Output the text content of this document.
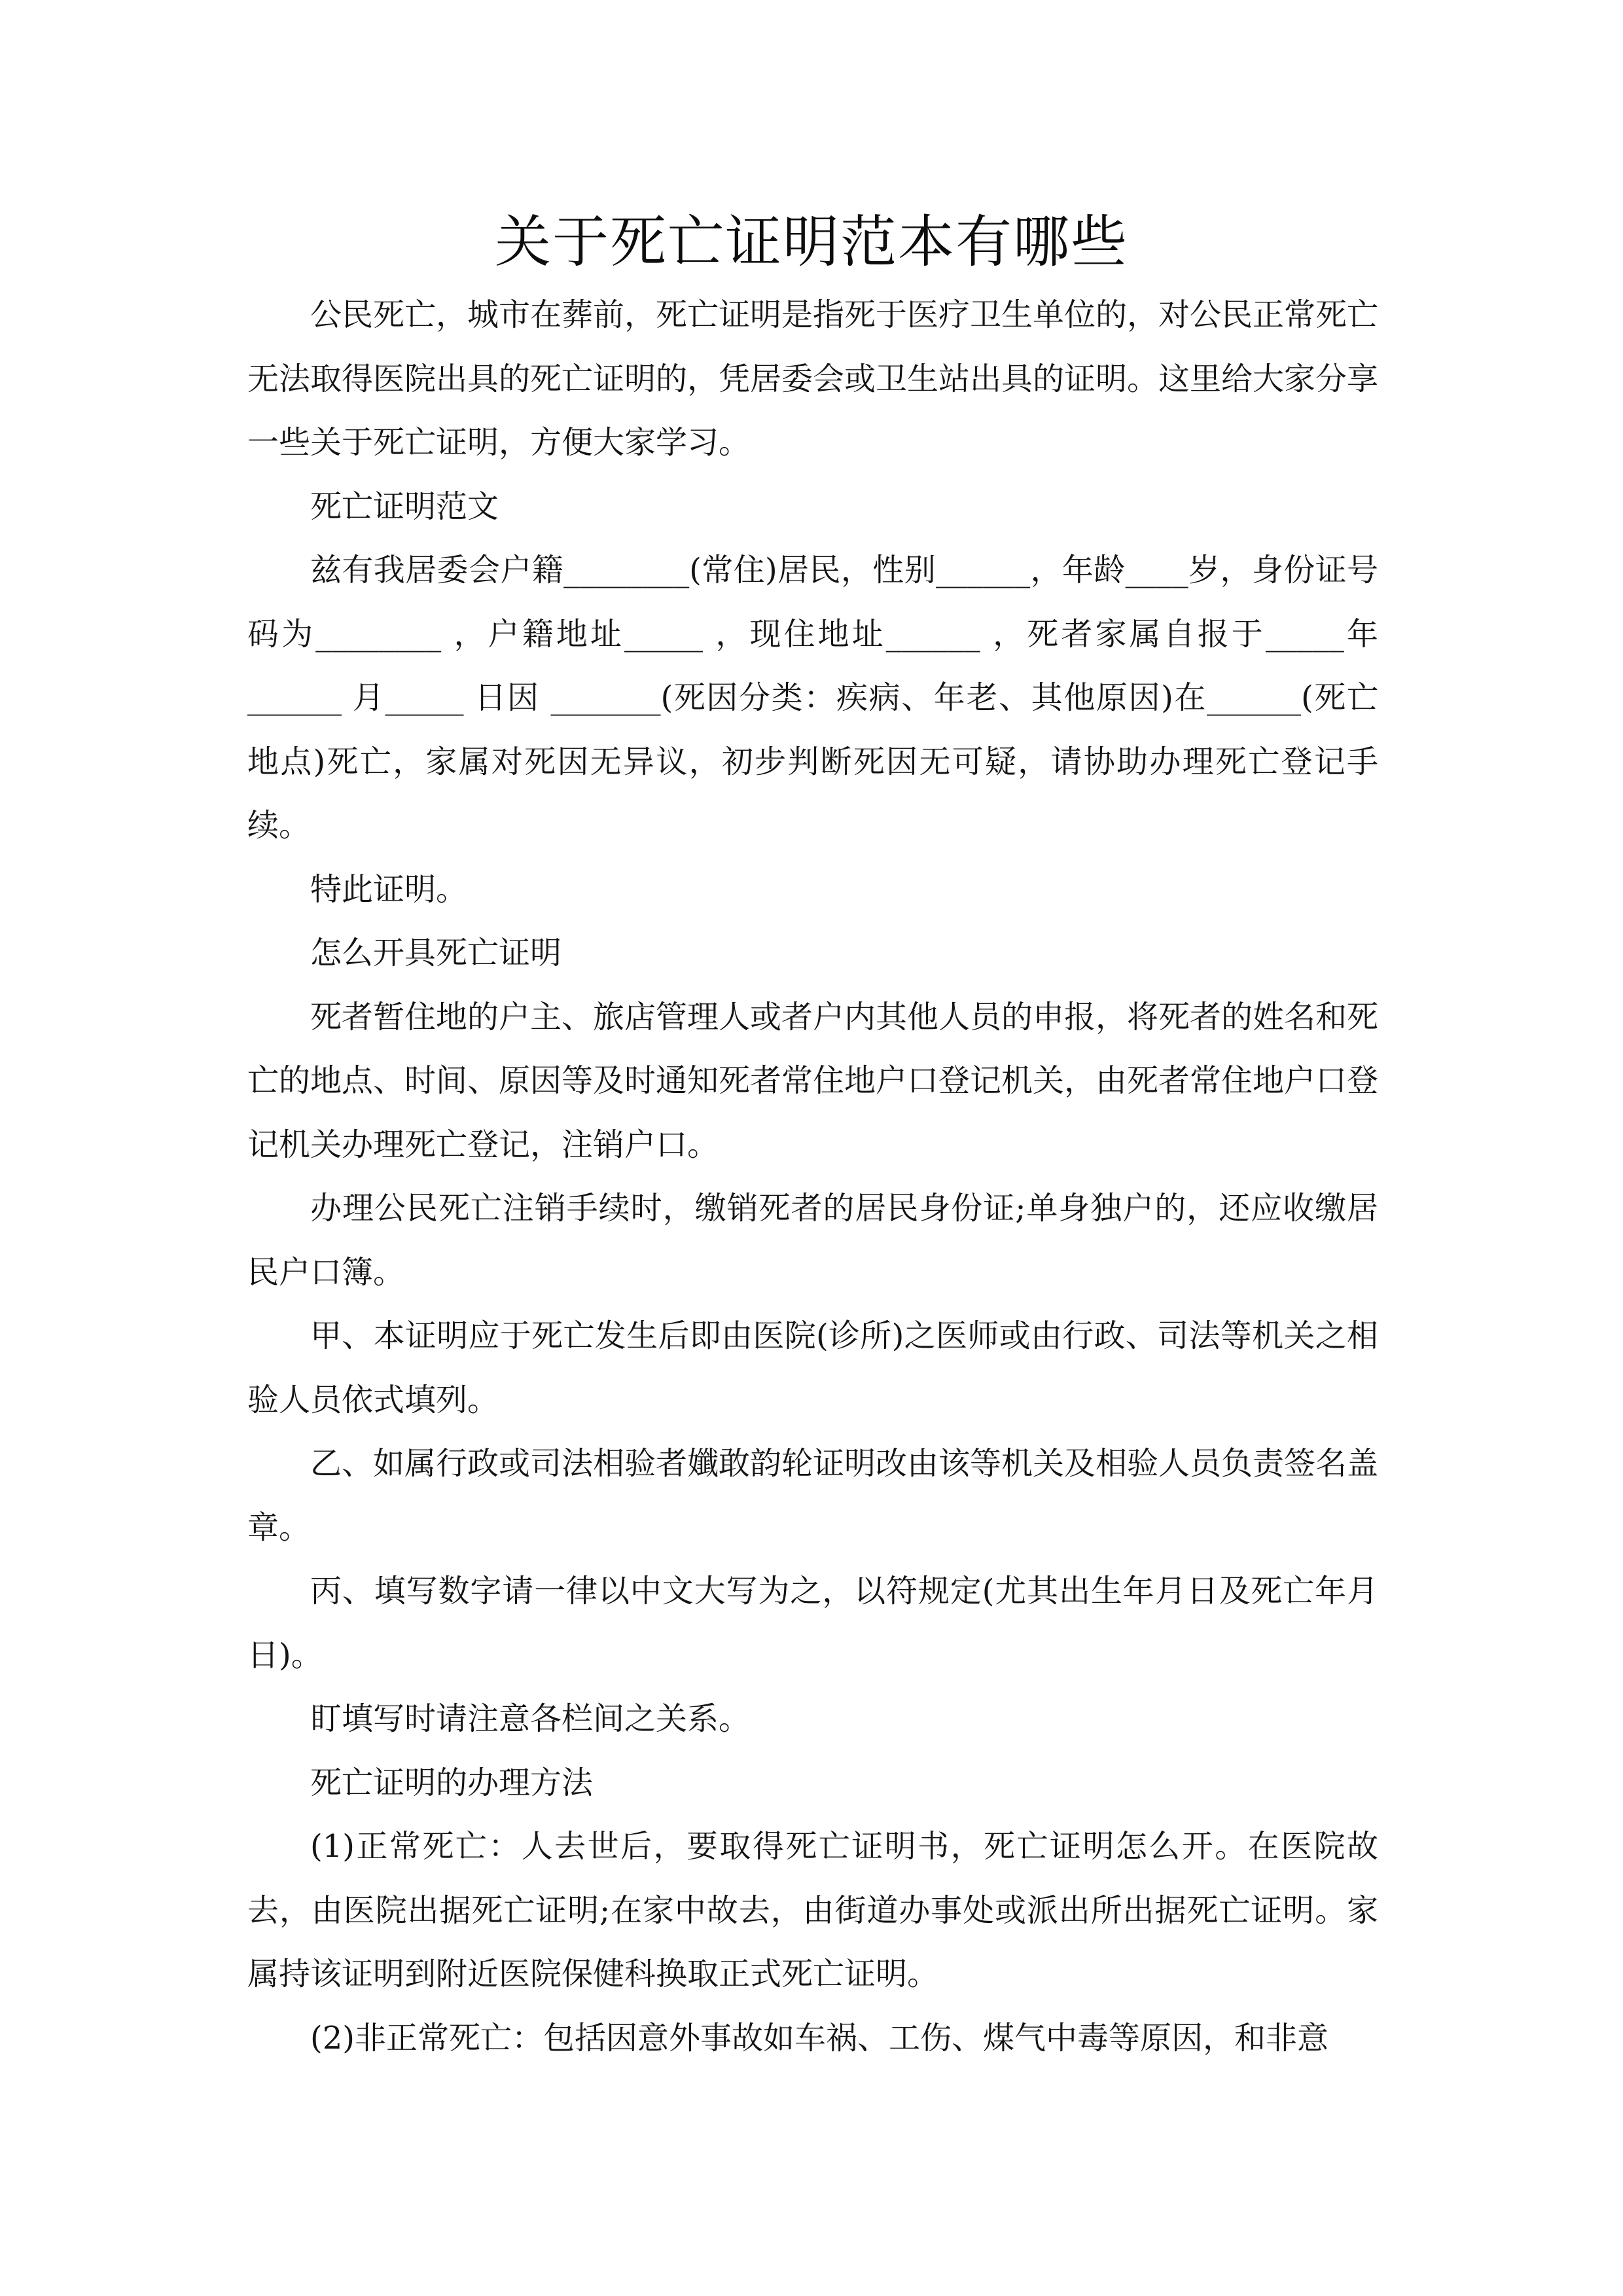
关于死亡证明范本有哪些

公民死亡，城市在葬前，死亡证明是指死于医疗卫生单位的，对公民正常死亡无法取得医院出具的死亡证明的，凭居委会或卫生站出具的证明。这里给大家分享一些关于死亡证明，方便大家学习。

死亡证明范文

兹有我居委会户籍________(常住)居民，性别______，年龄____岁，身份证号码为________ ，户籍地址_____ ，现住地址______ ，死者家属自报于_____年______ 月_____ 日因 _______(死因分类：疾病、年老、其他原因)在______(死亡地点)死亡，家属对死因无异议，初步判断死因无可疑，请协助办理死亡登记手续。

特此证明。

怎么开具死亡证明

死者暂住地的户主、旅店管理人或者户内其他人员的申报，将死者的姓名和死亡的地点、时间、原因等及时通知死者常住地户口登记机关，由死者常住地户口登记机关办理死亡登记，注销户口。

办理公民死亡注销手续时，缴销死者的居民身份证;单身独户的，还应收缴居民户口簿。

甲、本证明应于死亡发生后即由医院(诊所)之医师或由行政、司法等机关之相验人员依式填列。

乙、如属行政或司法相验者孅敢韵轮证明改由该等机关及相验人员负责签名盖章。

丙、填写数字请一律以中文大写为之，以符规定(尤其出生年月日及死亡年月日)。

盯填写时请注意各栏间之关系。

死亡证明的办理方法

(1)正常死亡：人去世后，要取得死亡证明书，死亡证明怎么开。在医院故去，由医院出据死亡证明;在家中故去，由街道办事处或派出所出据死亡证明。家属持该证明到附近医院保健科换取正式死亡证明。

(2)非正常死亡：包括因意外事故如车祸、工伤、煤气中毒等原因，和非意
